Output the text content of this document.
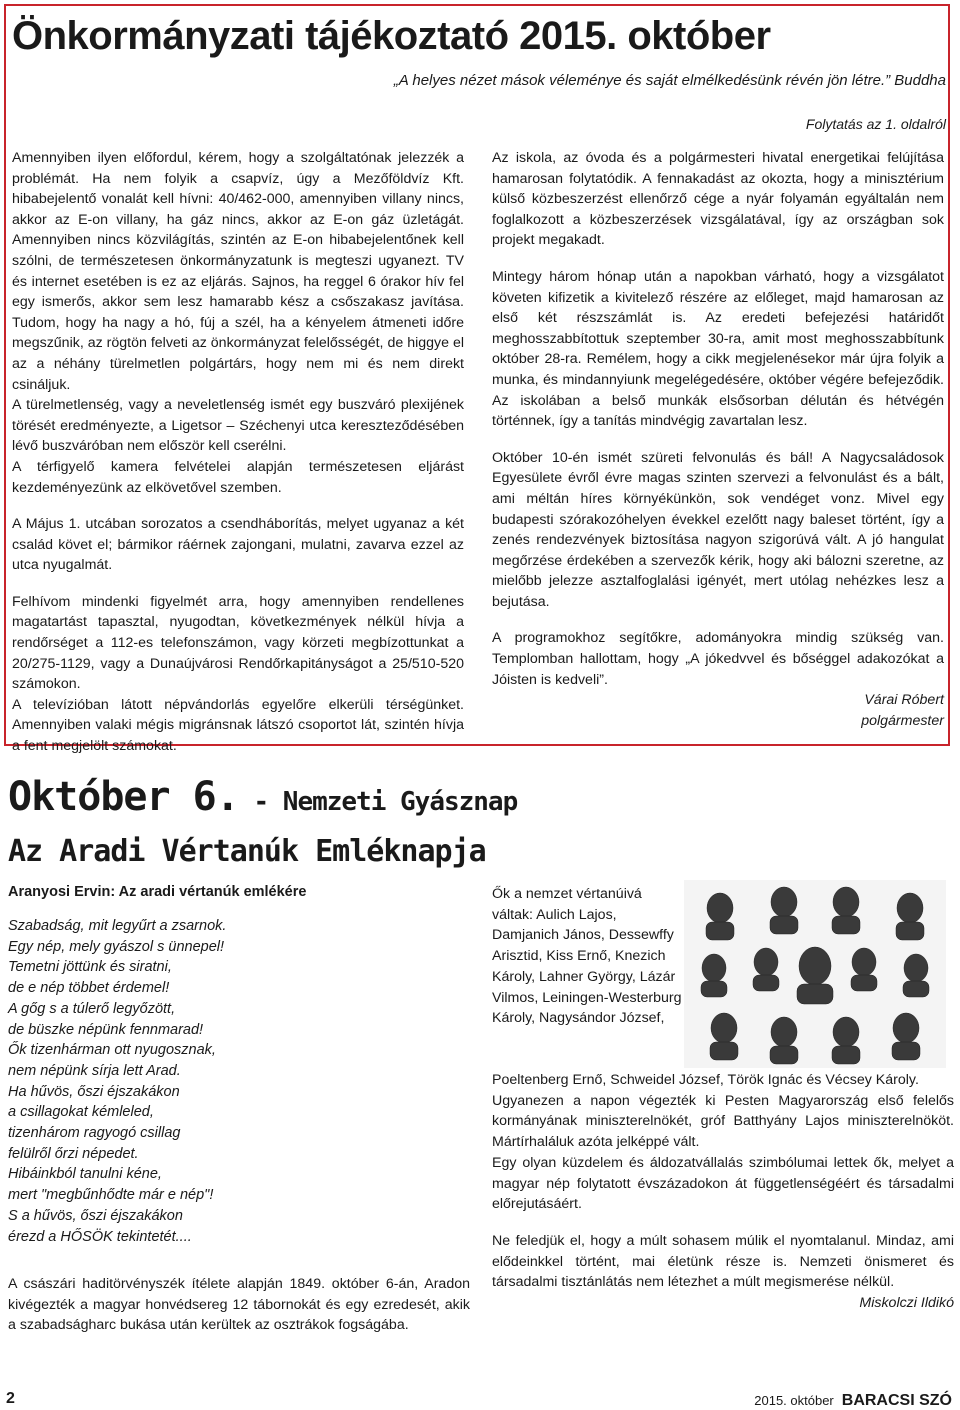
Önkormányzati tájékoztató 2015. október
„A helyes nézet mások véleménye és saját elmélkedésünk révén jön létre.” Buddha
Folytatás az 1. oldalról

Amennyiben ilyen előfordul, kérem, hogy a szolgáltatónak jelezzék a problémát. Ha nem folyik a csapvíz, úgy a Mezőföldvíz Kft. hibabejelentő vonalát kell hívni: 40/462-000, amennyiben villany nincs, akkor az E-on villany, ha gáz nincs, akkor az E-on gáz üzletágát. Amennyiben nincs közvilágítás, szintén az E-on hibabejelentőnek kell szólni, de természetesen önkormányzatunk is megteszi ugyanezt. TV és internet esetében is ez az eljárás. Sajnos, ha reggel 6 órakor hív fel egy ismerős, akkor sem lesz hamarabb kész a csőszakasz javítása. Tudom, hogy ha nagy a hó, fúj a szél, ha a kényelem átmeneti időre megszűnik, az rögtön felveti az önkormányzat felelősségét, de higgye el az a néhány türelmetlen polgártárs, hogy nem mi és nem direkt csináljuk.

A türelmetlenség, vagy a neveletlenség ismét egy buszváró plexijének törését eredményezte, a Ligetsor – Széchenyi utca kereszteződésében lévő buszváróban nem először kell cserélni.

A térfigyelő kamera felvételei alapján természetesen eljárást kezdeményezünk az elkövetővel szemben.

A Május 1. utcában sorozatos a csendháborítás, melyet ugyanaz a két család követ el; bármikor ráérnek zajongani, mulatni, zavarva ezzel az utca nyugalmát.

Felhívom mindenki figyelmét arra, hogy amennyiben rendellenes magatartást tapasztal, nyugodtan, következmények nélkül hívja a rendőrséget a 112-es telefonszámon, vagy körzeti megbízottunkat a 20/275-1129, vagy a Dunaújvárosi Rendőrkapitányságot a 25/510-520 számokon.

A televízióban látott népvándorlás egyelőre elkerüli térségünket. Amennyiben valaki mégis migránsnak látszó csoportot lát, szintén hívja a fent megjelölt számokat.

Az iskola, az óvoda és a polgármesteri hivatal energetikai felújítása hamarosan folytatódik. A fennakadást az okozta, hogy a minisztérium külső közbeszerzést ellenőrző cége a nyár folyamán egyáltalán nem foglalkozott a közbeszerzések vizsgálatával, így az országban sok projekt megakadt.

Mintegy három hónap után a napokban várható, hogy a vizsgálatot követen kifizetik a kivitelező részére az előleget, majd hamarosan az első két részszámlát is. Az eredeti befejezési határidőt meghosszabbítottuk szeptember 30-ra, amit most meghosszabbítunk október 28-ra. Remélem, hogy a cikk megjelenésekor már újra folyik a munka, és mindannyiunk megelégedésére, október végére befejeződik. Az iskolában a belső munkák elsősorban délután és hétvégén történnek, így a tanítás mindvégig zavartalan lesz.

Október 10-én ismét szüreti felvonulás és bál! A Nagycsaládosok Egyesülete évről évre magas szinten szervezi a felvonulást és a bált, ami méltán híres környékünkön, sok vendéget vonz. Mivel egy budapesti szórakozóhelyen évekkel ezelőtt nagy baleset történt, így a zenés rendezvények biztosítása nagyon szigorúvá vált. A jó hangulat megőrzése érdekében a szervezők kérik, hogy aki bálozni szeretne, az mielőbb jelezze asztalfoglalási igényét, mert utólag nehézkes lesz a bejutása.

A programokhoz segítőkre, adományokra mindig szükség van. Templomban hallottam, hogy „A jókedvvel és bőséggel adakozókat a Jóisten is kedveli”.

Várai Róbert

polgármester

Október 6. - Nemzeti Gyásznap
Az Aradi Vértanúk Emléknapja
Aranyosi Ervin: Az aradi vértanúk emlékére
Szabadság, mit legyűrt a zsarnok.
Egy nép, mely gyászol s ünnepel!
Temetni jöttünk és siratni,
de e nép többet érdemel!
A gőg s a túlerő legyőzött,
de büszke népünk fennmarad!
Ők tizenhárman ott nyugosznak,
nem népünk sírja lett Arad.
Ha hűvös, őszi éjszakákon
a csillagokat kémleled,
tizenhárom ragyogó csillag
felülről őrzi népedet.
Hibáinkból tanulni kéne,
mert "megbűnhődte már e nép"!
S a hűvös, őszi éjszakákon
érezd a HŐSÖK tekintetét....
A császári haditörvényszék ítélete alapján 1849. október 6-án, Aradon kivégezték a magyar honvédsereg 12 tábornokát és egy ezredesét, akik a szabadságharc bukása után kerültek az osztrákok fogságába.
Ők a nemzet vértanúivá váltak: Aulich Lajos, Damjanich János, Dessewffy Arisztid, Kiss Ernő, Knezich Károly, Lahner György, Lázár Vilmos, Leiningen-Westerburg Károly, Nagysándor József,

Poeltenberg Ernő, Schweidel József, Török Ignác és Vécsey Károly.

Ugyanezen a napon végezték ki Pesten Magyarország első felelős kormányának miniszterelnökét, gróf Batthyány Lajos miniszterelnököt. Mártírhaláluk azóta jelképpé vált.

Egy olyan küzdelem és áldozatvállalás szimbólumai lettek ők, melyet a magyar nép folytatott évszázadokon át függetlenségéért és társadalmi előrejutásáért.

Ne feledjük el, hogy a múlt sohasem múlik el nyomtalanul. Mindaz, ami elődeinkkel történt, mai életünk része is. Nemzeti önismeret és társadalmi tisztánlátás nem létezhet a múlt megismerése nélkül.

Miskolczi Ildikó

2	2015. október BARACSI SZÓ
